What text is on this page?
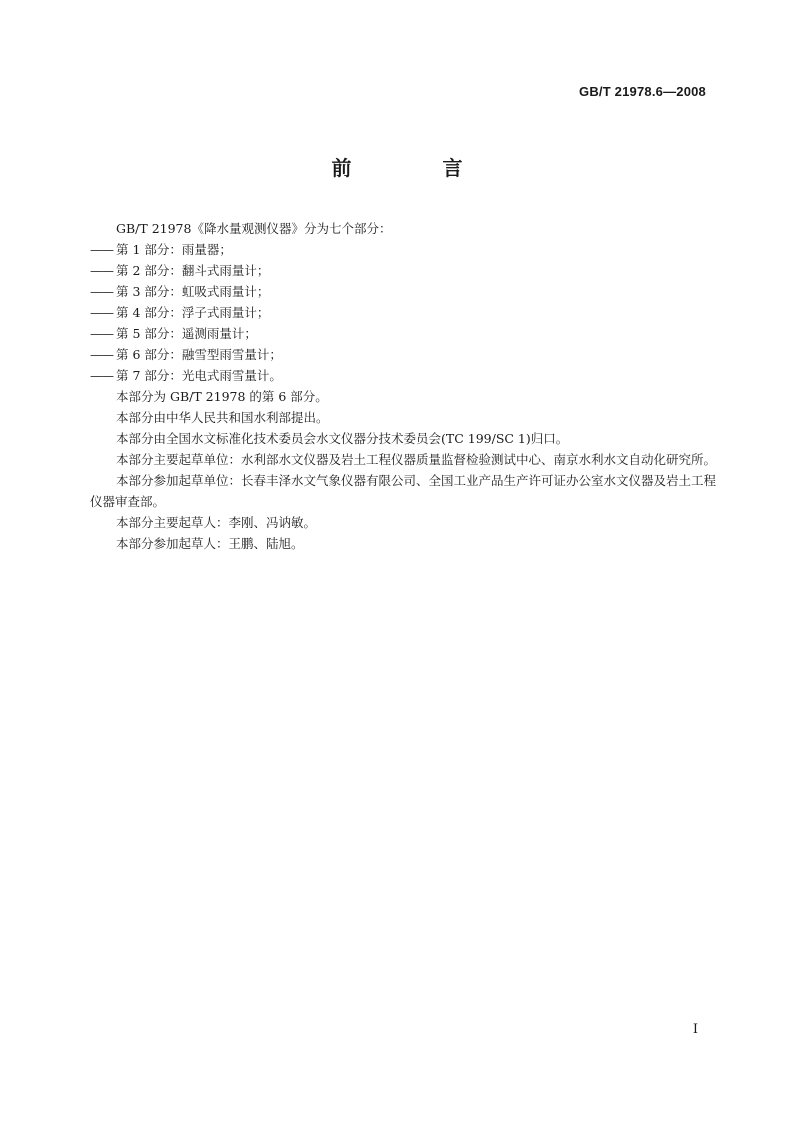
GB/T 21978.6—2008
前 言

GB/T 21978《降水量观测仪器》分为七个部分：

—— 第 1 部分：雨量器；

—— 第 2 部分：翻斗式雨量计；

—— 第 3 部分：虹吸式雨量计；

—— 第 4 部分：浮子式雨量计；

—— 第 5 部分：遥测雨量计；

—— 第 6 部分：融雪型雨雪量计；

—— 第 7 部分：光电式雨雪量计。

本部分为 GB/T 21978 的第 6 部分。

本部分由中华人民共和国水利部提出。

本部分由全国水文标准化技术委员会水文仪器分技术委员会(TC 199/SC 1)归口。

本部分主要起草单位：水利部水文仪器及岩土工程仪器质量监督检验测试中心、南京水利水文自动化研究所。

本部分参加起草单位：长春丰泽水文气象仪器有限公司、全国工业产品生产许可证办公室水文仪器及岩土工程仪器审查部。

本部分主要起草人：李刚、冯讷敏。

本部分参加起草人：王鹏、陆旭。

I
